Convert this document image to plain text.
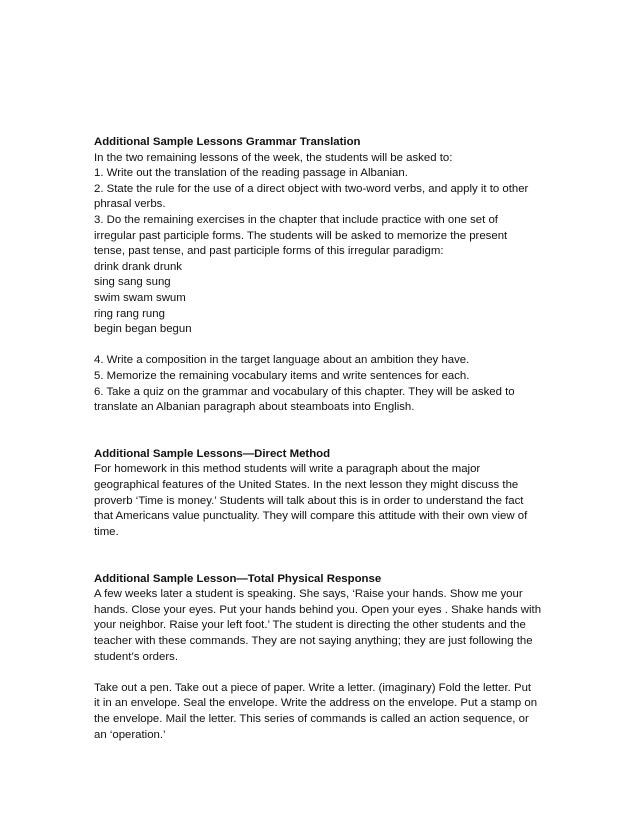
Additional Sample Lessons Grammar Translation
In the two remaining lessons of the week, the students will be asked to:
1. Write out the translation of the reading passage in Albanian.
2. State the rule for the use of a direct object with two-word verbs, and apply it to other
phrasal verbs.
3. Do the remaining exercises in the chapter that include practice with one set of
irregular past participle forms. The students will be asked to memorize the present
tense, past tense, and past participle forms of this irregular paradigm:
drink drank drunk
sing sang sung
swim swam swum
ring rang rung
begin began begun
4. Write a composition in the target language about an ambition they have.
5. Memorize the remaining vocabulary items and write sentences for each.
6. Take a quiz on the grammar and vocabulary of this chapter. They will be asked to
translate an Albanian paragraph about steamboats into English.
Additional Sample Lessons—Direct Method
For homework in this method students will write a paragraph about the major
geographical features of the United States. In the next lesson they might discuss the
proverb ‘Time is money.’ Students will talk about this is in order to understand the fact
that Americans value punctuality. They will compare this attitude with their own view of
time.
Additional Sample Lesson—Total Physical Response
A few weeks later a student is speaking. She says, ‘Raise your hands. Show me your
hands. Close your eyes. Put your hands behind you. Open your eyes . Shake hands with
your neighbor. Raise your left foot.’ The student is directing the other students and the
teacher with these commands. They are not saying anything; they are just following the
student’s orders.
Take out a pen. Take out a piece of paper. Write a letter. (imaginary) Fold the letter. Put
it in an envelope. Seal the envelope. Write the address on the envelope. Put a stamp on
the envelope. Mail the letter. This series of commands is called an action sequence, or
an ‘operation.’
